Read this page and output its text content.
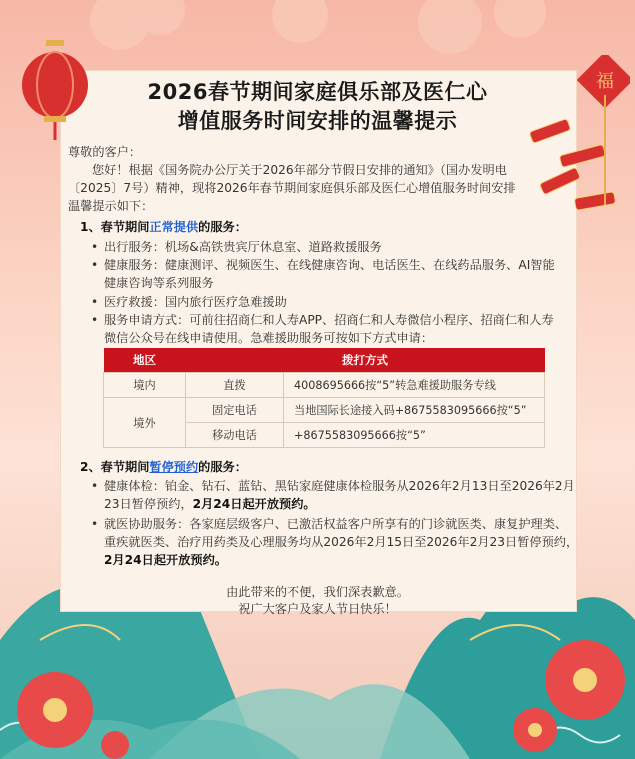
福
2026春节期间家庭俱乐部及医仁心
增值服务时间安排的温馨提示
尊敬的客户：
您好！根据《国务院办公厅关于2026年部分节假日安排的通知》（国办发明电
〔2025〕7号）精神，现将2026年春节期间家庭俱乐部及医仁心增值服务时间安排
温馨提示如下：
1、春节期间正常提供的服务：
• 出行服务：机场&高铁贵宾厅休息室、道路救援服务
• 健康服务：健康测评、视频医生、在线健康咨询、电话医生、在线药品服务、AI智能
健康咨询等系列服务
• 医疗救援：国内旅行医疗急难援助
• 服务申请方式：可前往招商仁和人寿APP、招商仁和人寿微信小程序、招商仁和人寿
微信公众号在线申请使用。急难援助服务可按如下方式申请：
地区	拨打方式	
境内	直拨	4008695666按“5”转急难援助服务专线
境外	固定电话	当地国际长途接入码+8675583095666按“5”
	移动电话	+8675583095666按“5”
2、春节期间暂停预约的服务：
• 健康体检：铂金、钻石、蓝钻、黑钻家庭健康体检服务从2026年2月13日至2026年2月
23日暂停预约，2月24日起开放预约。
• 就医协助服务：各家庭层级客户、已激活权益客户所享有的门诊就医类、康复护理类、
重疾就医类、治疗用药类及心理服务均从2026年2月15日至2026年2月23日暂停预约，
2月24日起开放预约。
由此带来的不便，我们深表歉意。
祝广大客户及家人节日快乐！
